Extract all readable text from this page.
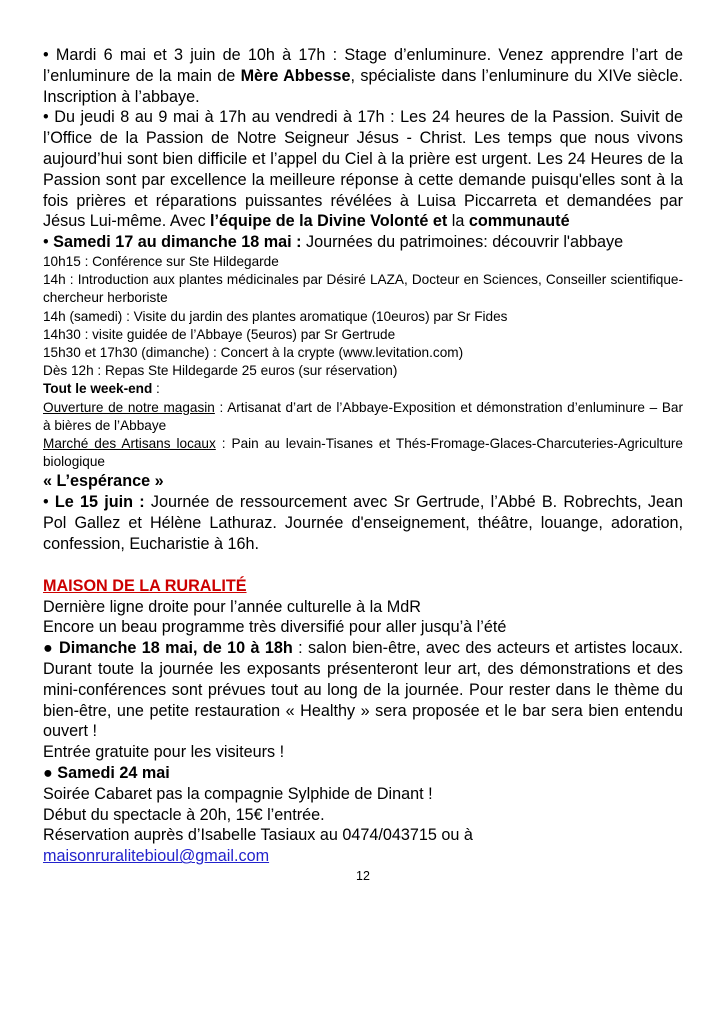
• Mardi 6 mai et 3 juin de 10h à 17h : Stage d’enluminure. Venez apprendre l’art de l’enluminure de la main de Mère Abbesse, spécialiste dans l’enluminure du XIVe siècle. Inscription à l’abbaye.

• Du jeudi 8 au 9 mai à 17h au vendredi à 17h : Les 24 heures de la Passion. Suivit de l’Office de la Passion de Notre Seigneur Jésus - Christ. Les temps que nous vivons aujourd’hui sont bien difficile et l’appel du Ciel à la prière est urgent. Les 24 Heures de la Passion sont par excellence la meilleure réponse à cette demande puisqu'elles sont à la fois prières et réparations puissantes révélées à Luisa Piccarreta et demandées par Jésus Lui-même. Avec l’équipe de la Divine Volonté et la communauté

• Samedi 17 au dimanche 18 mai : Journées du patrimoines: découvrir l'abbaye

10h15 : Conférence sur Ste Hildegarde

14h : Introduction aux plantes médicinales par Désiré LAZA, Docteur en Sciences, Conseiller scientifique-chercheur herboriste

14h (samedi) : Visite du jardin des plantes aromatique (10euros) par Sr Fides

14h30 : visite guidée de l’Abbaye (5euros) par Sr Gertrude

15h30 et 17h30 (dimanche) : Concert à la crypte (www.levitation.com)

Dès 12h : Repas Ste Hildegarde 25 euros (sur réservation)

Tout le week-end :

Ouverture de notre magasin : Artisanat d’art de l’Abbaye-Exposition et démonstration d’enluminure – Bar à bières de l’Abbaye

Marché des Artisans locaux : Pain au levain-Tisanes et Thés-Fromage-Glaces-Charcuteries-Agriculture biologique

« L’espérance »

• Le 15 juin : Journée de ressourcement avec Sr Gertrude, l’Abbé B. Robrechts, Jean Pol Gallez et Hélène Lathuraz. Journée d'enseignement, théâtre, louange, adoration, confession, Eucharistie à 16h.

MAISON DE LA RURALITÉ

Dernière ligne droite pour l’année culturelle à la MdR

Encore un beau programme très diversifié pour aller jusqu’à l’été

● Dimanche 18 mai, de 10 à 18h : salon bien-être, avec des acteurs et artistes locaux. Durant toute la journée les exposants présenteront leur art, des démonstrations et des mini-conférences sont prévues tout au long de la journée. Pour rester dans le thème du bien-être, une petite restauration « Healthy » sera proposée et le bar sera bien entendu ouvert !

Entrée gratuite pour les visiteurs !

● Samedi 24 mai

Soirée Cabaret pas la compagnie Sylphide de Dinant !

Début du spectacle à 20h, 15€ l’entrée.

Réservation auprès d’Isabelle Tasiaux au 0474/043715 ou à

maisonruralitebioul@gmail.com

12
